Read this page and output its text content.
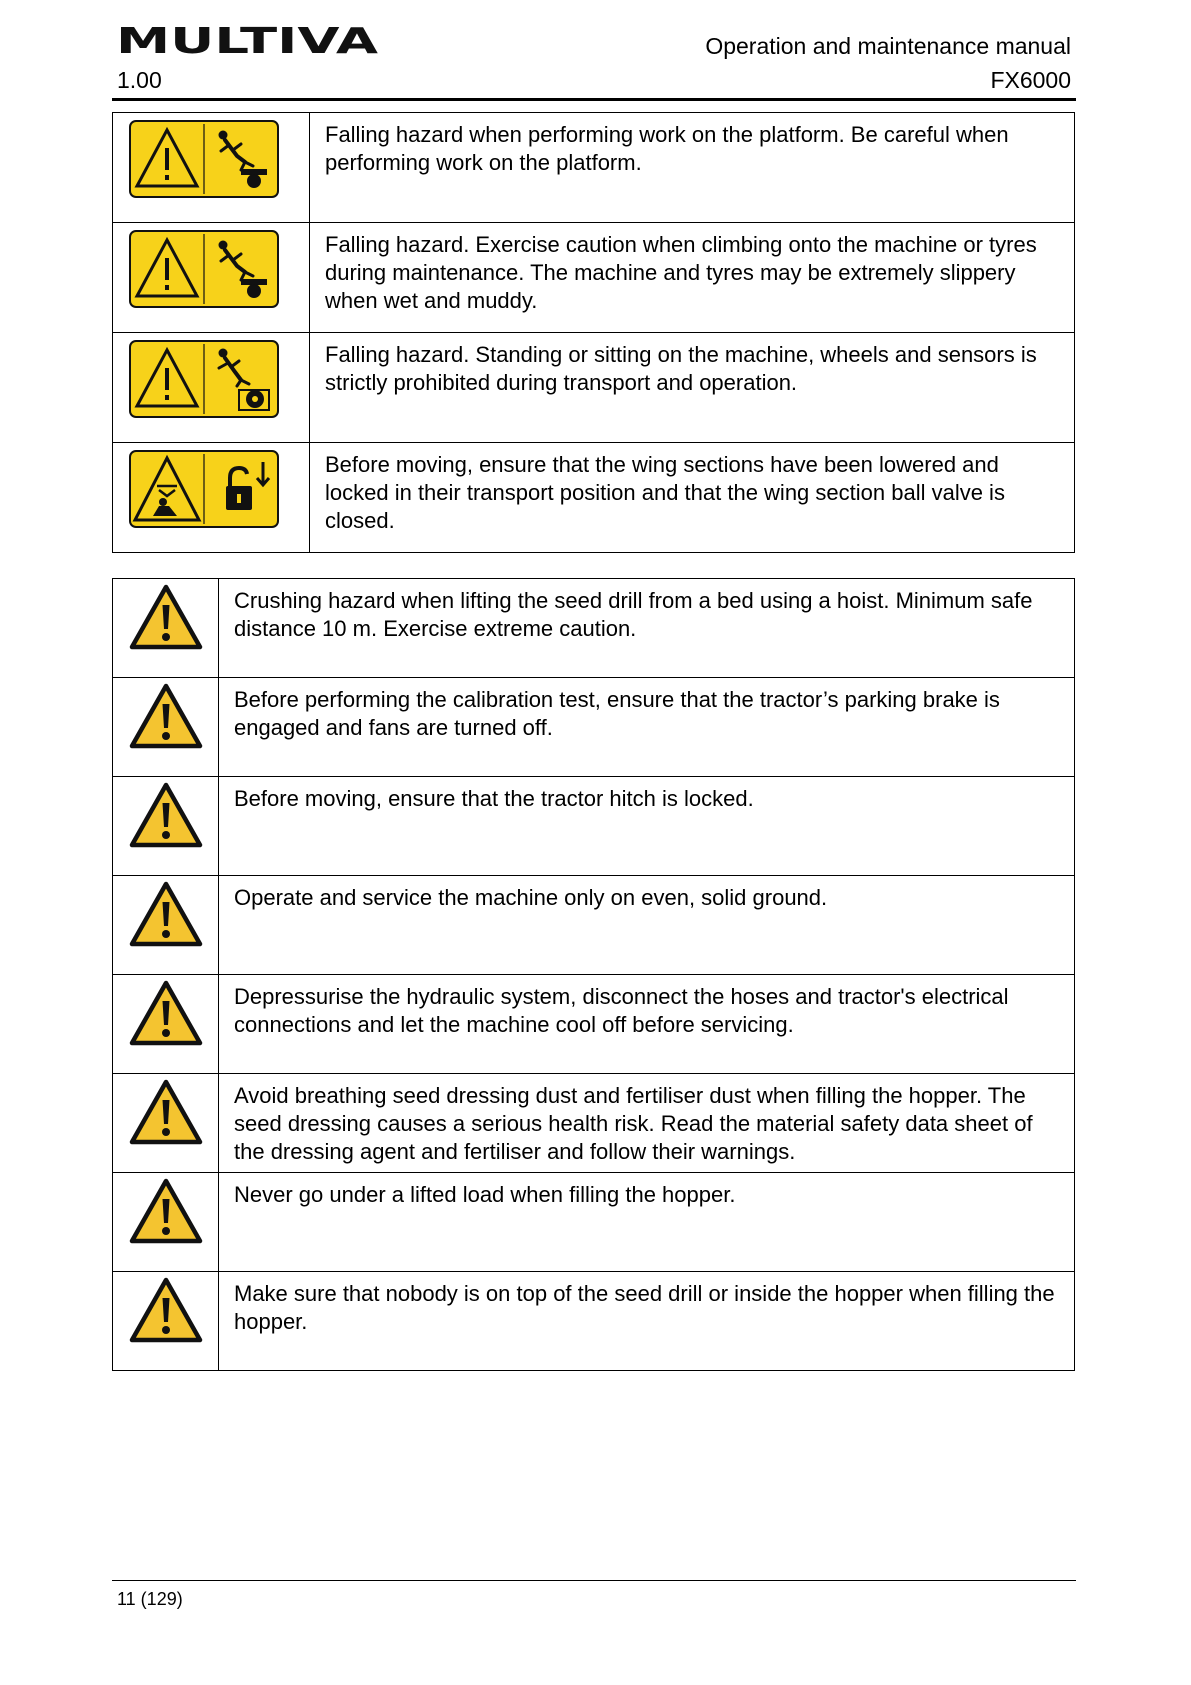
MULTIVA	Operation and maintenance manual
1.00	FX6000
	Falling hazard when performing work on the platform. Be careful when performing work on the platform.
	Falling hazard. Exercise caution when climbing onto the machine or tyres during maintenance. The machine and tyres may be extremely slippery when wet and muddy.
	Falling hazard. Standing or sitting on the machine, wheels and sensors is strictly prohibited during transport and operation.
	Before moving, ensure that the wing sections have been lowered and locked in their transport position and that the wing section ball valve is closed.
	Crushing hazard when lifting the seed drill from a bed using a hoist. Minimum safe distance 10 m. Exercise extreme caution.
	Before performing the calibration test, ensure that the tractor’s parking brake is engaged and fans are turned off.
	Before moving, ensure that the tractor hitch is locked.
	Operate and service the machine only on even, solid ground.
	Depressurise the hydraulic system, disconnect the hoses and tractor's electrical connections and let the machine cool off before servicing.
	Avoid breathing seed dressing dust and fertiliser dust when filling the hopper. The seed dressing causes a serious health risk. Read the material safety data sheet of the dressing agent and fertiliser and follow their warnings.
	Never go under a lifted load when filling the hopper.
	Make sure that nobody is on top of the seed drill or inside the hopper when filling the hopper.
11 (129)
